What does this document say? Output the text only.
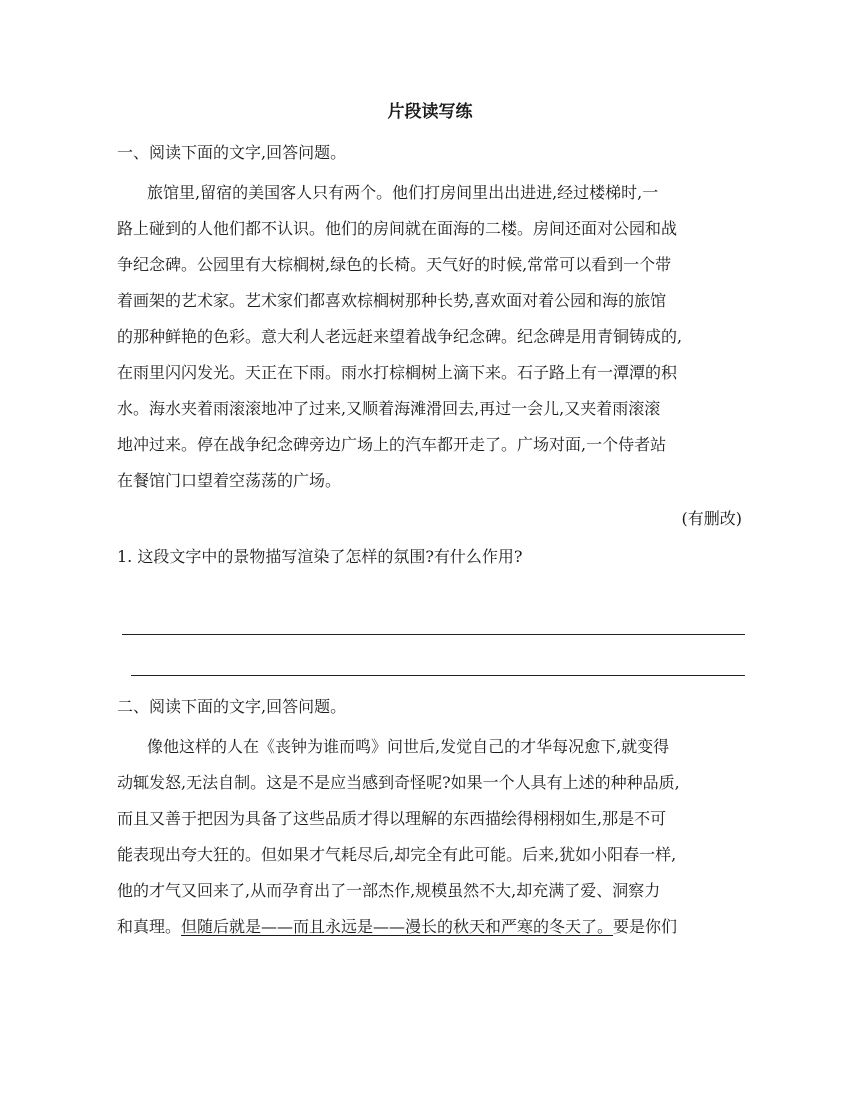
片段读写练
一、阅读下面的文字,回答问题。
旅馆里,留宿的美国客人只有两个。他们打房间里出出进进,经过楼梯时,一
路上碰到的人他们都不认识。他们的房间就在面海的二楼。房间还面对公园和战
争纪念碑。公园里有大棕榈树,绿色的长椅。天气好的时候,常常可以看到一个带
着画架的艺术家。艺术家们都喜欢棕榈树那种长势,喜欢面对着公园和海的旅馆
的那种鲜艳的色彩。意大利人老远赶来望着战争纪念碑。纪念碑是用青铜铸成的,
在雨里闪闪发光。天正在下雨。雨水打棕榈树上滴下来。石子路上有一潭潭的积
水。海水夹着雨滚滚地冲了过来,又顺着海滩滑回去,再过一会儿,又夹着雨滚滚
地冲过来。停在战争纪念碑旁边广场上的汽车都开走了。广场对面,一个侍者站
在餐馆门口望着空荡荡的广场。
(有删改)
1. 这段文字中的景物描写渲染了怎样的氛围?有什么作用?
二、阅读下面的文字,回答问题。
像他这样的人在《丧钟为谁而鸣》问世后,发觉自己的才华每况愈下,就变得
动辄发怒,无法自制。这是不是应当感到奇怪呢?如果一个人具有上述的种种品质,
而且又善于把因为具备了这些品质才得以理解的东西描绘得栩栩如生,那是不可
能表现出夸大狂的。但如果才气耗尽后,却完全有此可能。后来,犹如小阳春一样,
他的才气又回来了,从而孕育出了一部杰作,规模虽然不大,却充满了爱、洞察力
和真理。但随后就是——而且永远是——漫长的秋天和严寒的冬天了。要是你们
